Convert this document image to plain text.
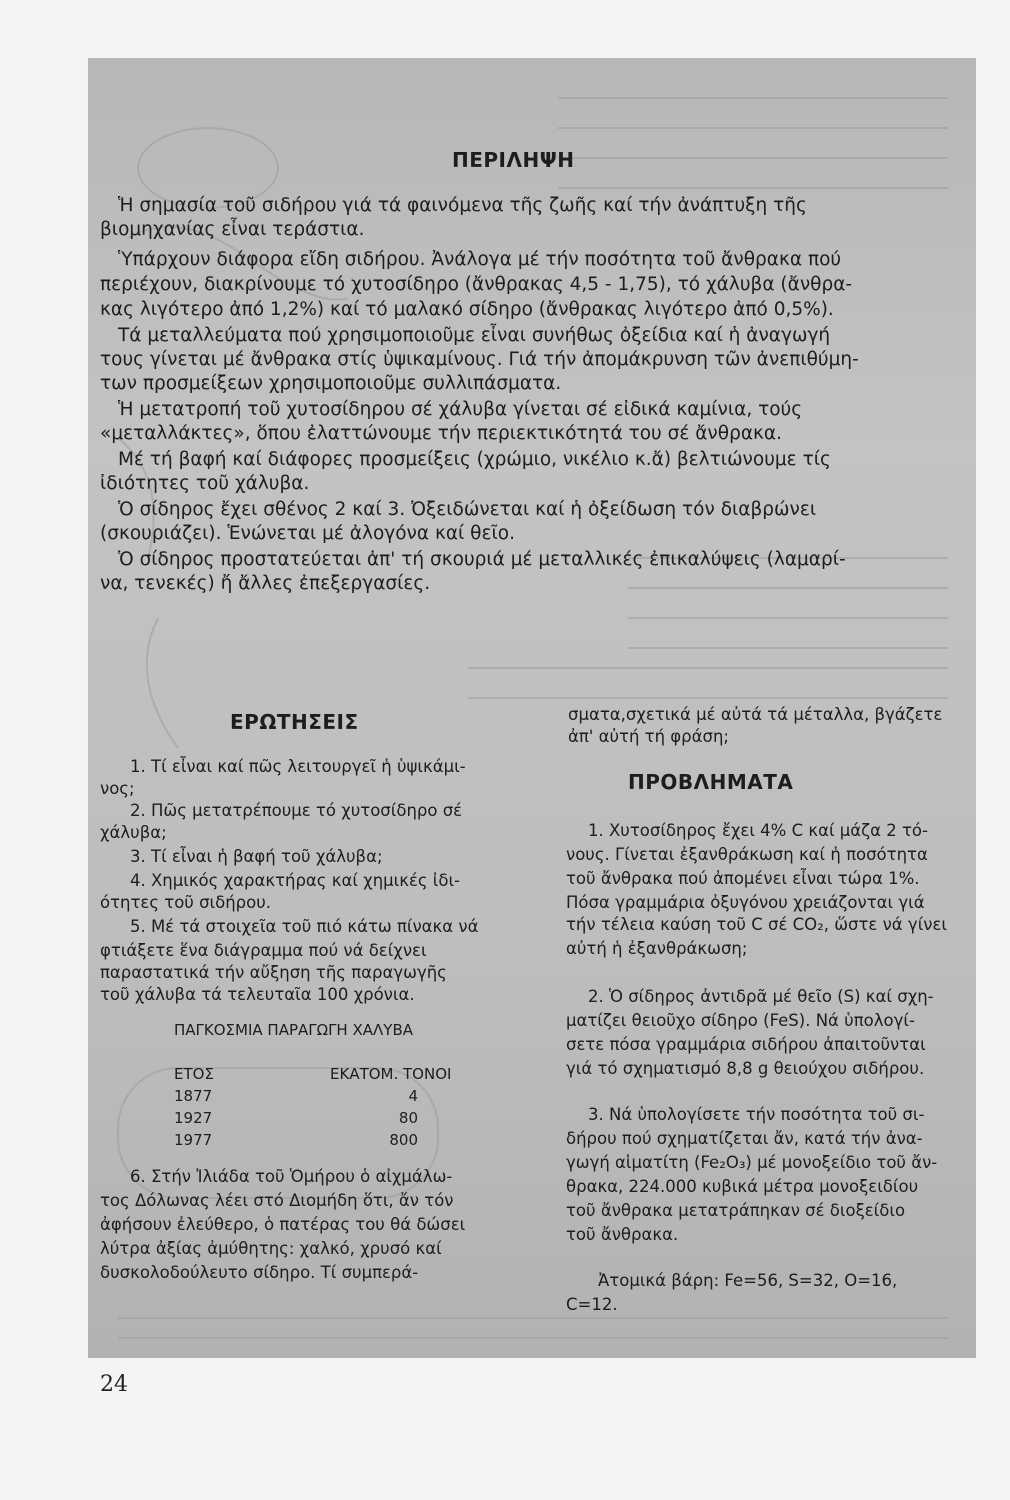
ΠΕΡΙΛΗΨΗ
Ἡ σημασία τοῦ σιδήρου γιά τά φαινόμενα τῆς ζωῆς καί τήν ἀνάπτυξη τῆς
βιομηχανίας εἶναι τεράστια.
Ὑπάρχουν διάφορα εἴδη σιδήρου. Ἀνάλογα μέ τήν ποσότητα τοῦ ἄνθρακα πού
περιέχουν, διακρίνουμε τό χυτοσίδηρο (ἄνθρακας 4,5 - 1,75), τό χάλυβα (ἄνθρα-
κας λιγότερο ἀπό 1,2%) καί τό μαλακό σίδηρο (ἄνθρακας λιγότερο ἀπό 0,5%).
Τά μεταλλεύματα πού χρησιμοποιοῦμε εἶναι συνήθως ὀξείδια καί ἡ ἀναγωγή
τους γίνεται μέ ἄνθρακα στίς ὑψικαμίνους. Γιά τήν ἀπομάκρυνση τῶν ἀνεπιθύμη-
των προσμείξεων χρησιμοποιοῦμε συλλιπάσματα.
Ἡ μετατροπή τοῦ χυτοσίδηρου σέ χάλυβα γίνεται σέ εἰδικά καμίνια, τούς
«μεταλλάκτες», ὅπου ἐλαττώνουμε τήν περιεκτικότητά του σέ ἄνθρακα.
Μέ τή βαφή καί διάφορες προσμείξεις (χρώμιο, νικέλιο κ.ἄ) βελτιώνουμε τίς
ἰδιότητες τοῦ χάλυβα.
Ὁ σίδηρος ἔχει σθένος 2 καί 3. Ὀξειδώνεται καί ἡ ὀξείδωση τόν διαβρώνει
(σκουριάζει). Ἑνώνεται μέ ἀλογόνα καί θεῖο.
Ὁ σίδηρος προστατεύεται ἀπ' τή σκουριά μέ μεταλλικές ἐπικαλύψεις (λαμαρί-
να, τενεκές) ἤ ἄλλες ἐπεξεργασίες.
ΕΡΩΤΗΣΕΙΣ
1. Τί εἶναι καί πῶς λειτουργεῖ ἡ ὑψικάμι-
νος;
2. Πῶς μετατρέπουμε τό χυτοσίδηρο σέ
χάλυβα;
3. Τί εἶναι ἡ βαφή τοῦ χάλυβα;
4. Χημικός χαρακτήρας καί χημικές ἰδι-
ότητες τοῦ σιδήρου.
5. Μέ τά στοιχεῖα τοῦ πιό κάτω πίνακα νά
φτιάξετε ἕνα διάγραμμα πού νά δείχνει
παραστατικά τήν αὔξηση τῆς παραγωγῆς
τοῦ χάλυβα τά τελευταῖα 100 χρόνια.
ΠΑΓΚΟΣΜΙΑ ΠΑΡΑΓΩΓΗ ΧΑΛΥΒΑ
ΕΤΟΣ	ΕΚΑΤΟΜ. ΤΟΝΟΙ
1877	4
1927	80
1977	800
6. Στήν Ἰλιάδα τοῦ Ὁμήρου ὁ αἰχμάλω-
τος Δόλωνας λέει στό Διομήδη ὅτι, ἄν τόν
ἀφήσουν ἐλεύθερο, ὁ πατέρας του θά δώσει
λύτρα ἀξίας ἀμύθητης: χαλκό, χρυσό καί
δυσκολοδούλευτο σίδηρο. Τί συμπερά-
σματα,σχετικά μέ αὐτά τά μέταλλα, βγάζετε
ἀπ' αὐτή τή φράση;
ΠΡΟΒΛΗΜΑΤΑ
1. Χυτοσίδηρος ἔχει 4% C καί μάζα 2 τό-
νους. Γίνεται ἐξανθράκωση καί ἡ ποσότητα
τοῦ ἄνθρακα πού ἀπομένει εἶναι τώρα 1%.
Πόσα γραμμάρια ὀξυγόνου χρειάζονται γιά
τήν τέλεια καύση τοῦ C σέ CO₂, ὥστε νά γίνει
αὐτή ἡ ἐξανθράκωση;
2. Ὁ σίδηρος ἀντιδρᾶ μέ θεῖο (S) καί σχη-
ματίζει θειοῦχο σίδηρο (FeS). Νά ὑπολογί-
σετε πόσα γραμμάρια σιδήρου ἀπαιτοῦνται
γιά τό σχηματισμό 8,8 g θειούχου σιδήρου.
3. Νά ὑπολογίσετε τήν ποσότητα τοῦ σι-
δήρου πού σχηματίζεται ἄν, κατά τήν ἀνα-
γωγή αἱματίτη (Fe₂O₃) μέ μονοξείδιο τοῦ ἄν-
θρακα, 224.000 κυβικά μέτρα μονοξειδίου
τοῦ ἄνθρακα μετατράπηκαν σέ διοξείδιο
τοῦ ἄνθρακα.
Ἀτομικά βάρη: Fe=56, S=32, O=16,
C=12.
24
